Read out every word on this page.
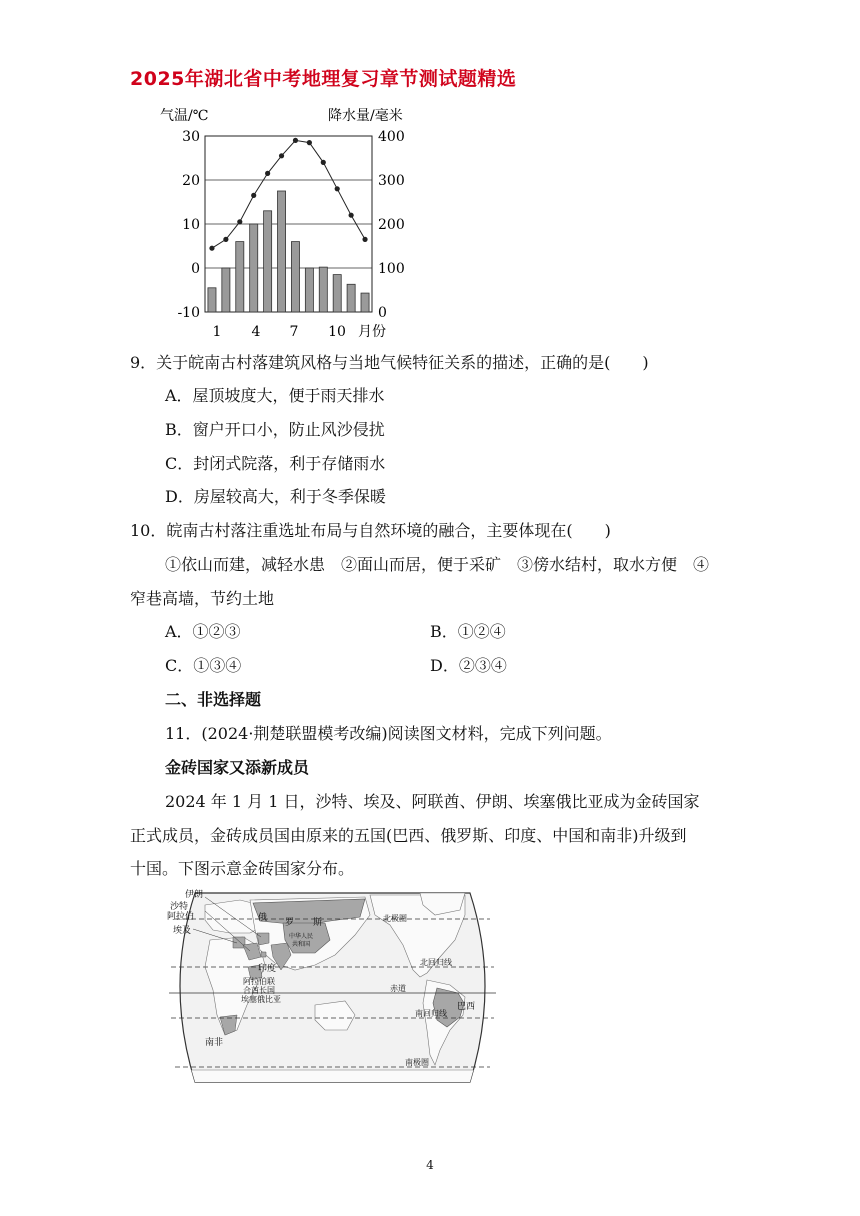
2025年湖北省中考地理复习章节测试题精选
气温/℃	降水量/毫米
30
20
10
0
-10
400
300
200
100
0
1 4 7 10 月份
9．关于皖南古村落建筑风格与当地气候特征关系的描述，正确的是(　　)
A．屋顶坡度大，便于雨天排水
B．窗户开口小，防止风沙侵扰
C．封闭式院落，利于存储雨水
D．房屋较高大，利于冬季保暖
10．皖南古村落注重选址布局与自然环境的融合，主要体现在(　　)
①依山而建，减轻水患　②面山而居，便于采矿　③傍水结村，取水方便　④
窄巷高墙，节约土地
A．①②③	B．①②④
C．①③④	D．②③④
二、非选择题
11．(2024·荆楚联盟模考改编)阅读图文材料，完成下列问题。
金砖国家又添新成员
2024 年 1 月 1 日，沙特、埃及、阿联酋、伊朗、埃塞俄比亚成为金砖国家
正式成员，金砖成员国由原来的五国(巴西、俄罗斯、印度、中国和南非)升级到
十国。下图示意金砖国家分布。
伊朗
沙特
阿拉伯
埃及
俄 罗 斯
中华人民
共和国
印度
阿拉伯联
合酋长国
埃塞俄比亚
南非
巴西
北极圈
北回归线
赤道
南回归线
南极圈
4
